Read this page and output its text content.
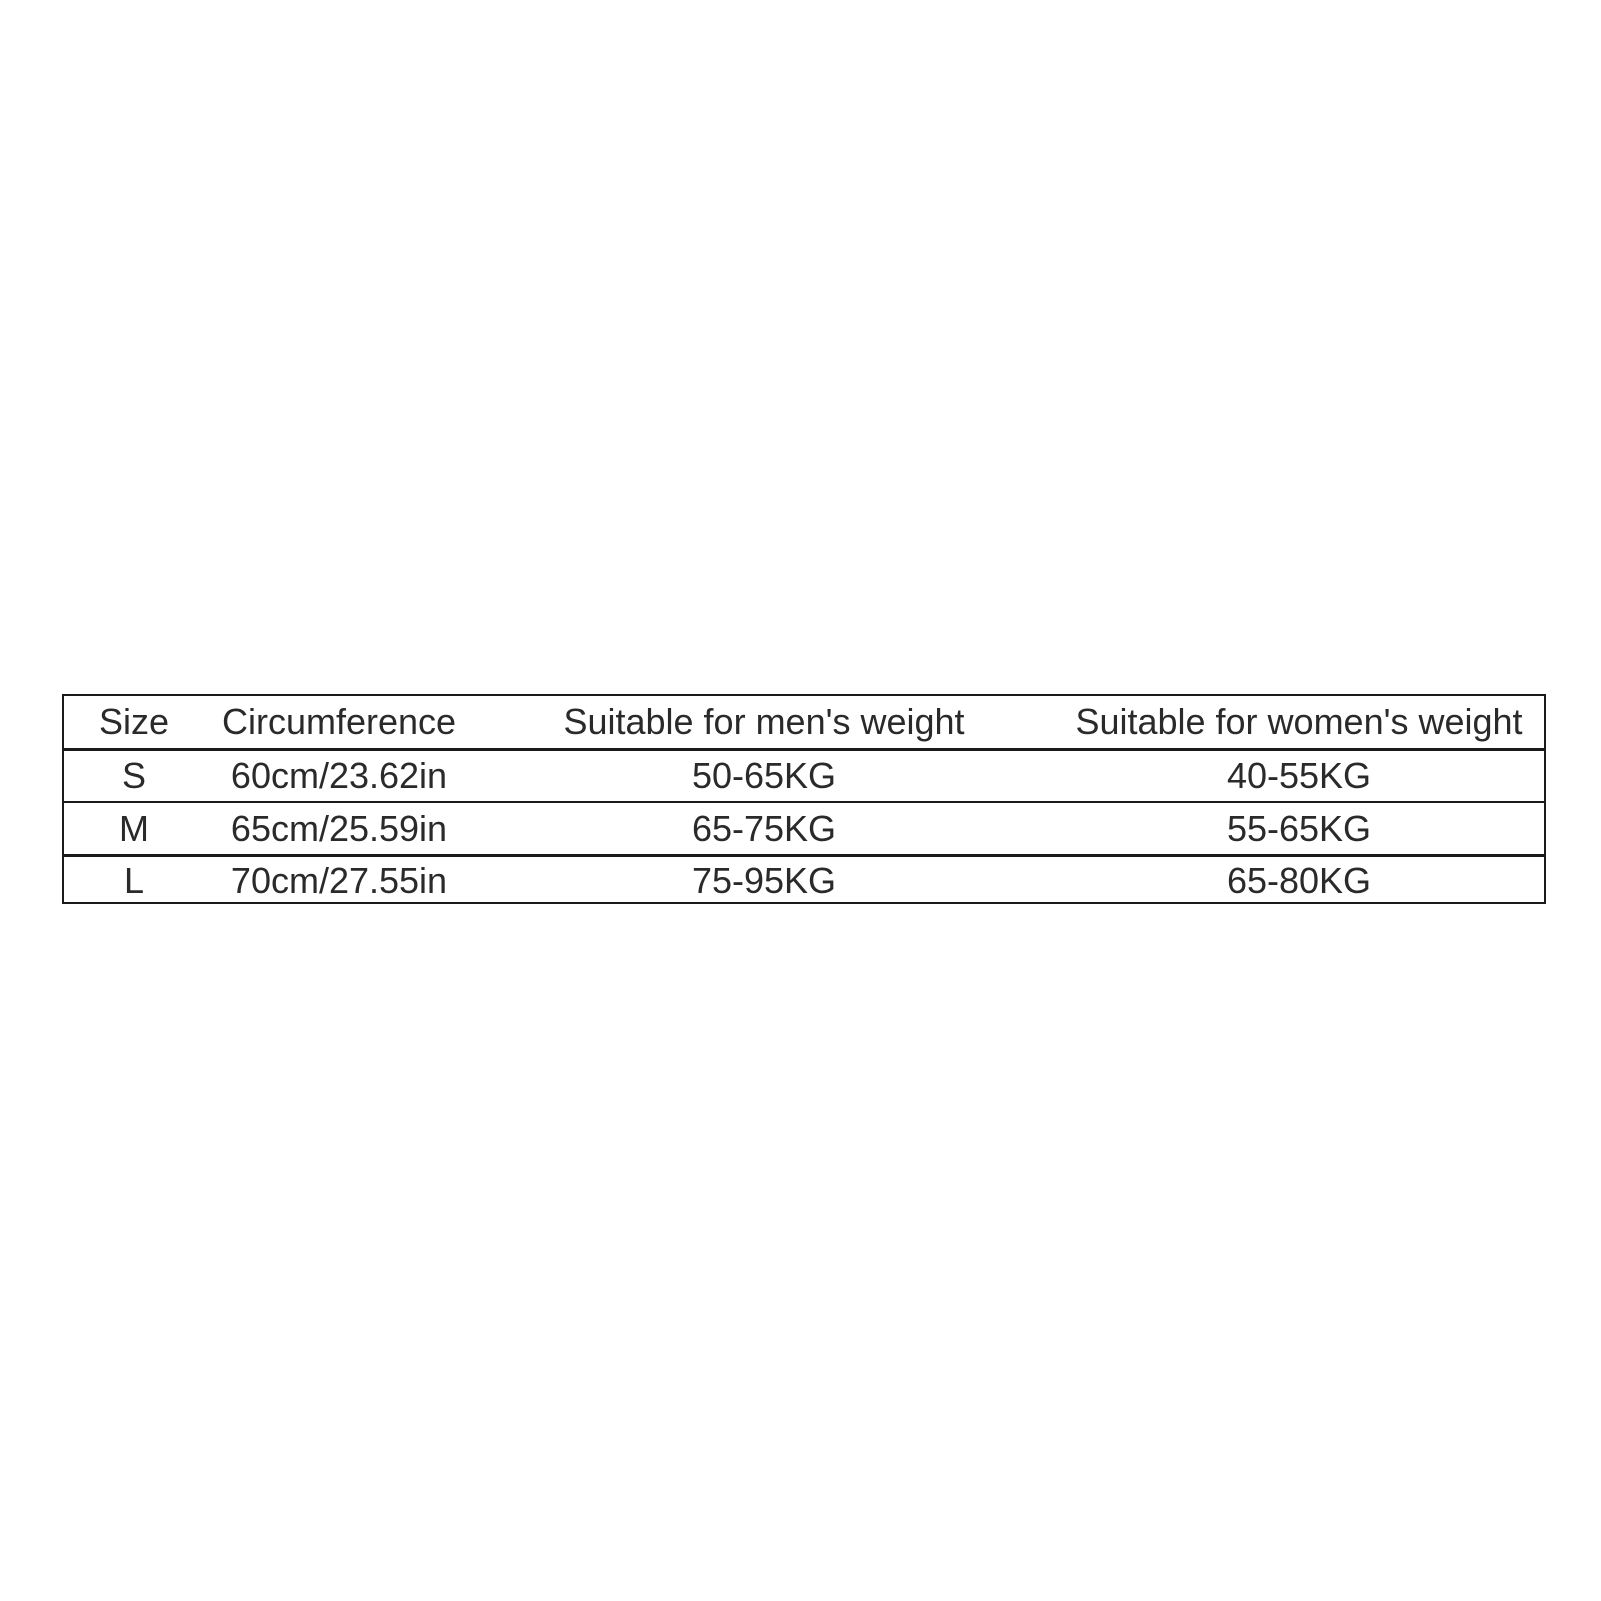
Size	Circumference	Suitable for men's weight	Suitable for women's weight
S	60cm/23.62in	50-65KG	40-55KG
M	65cm/25.59in	65-75KG	55-65KG
L	70cm/27.55in	75-95KG	65-80KG
